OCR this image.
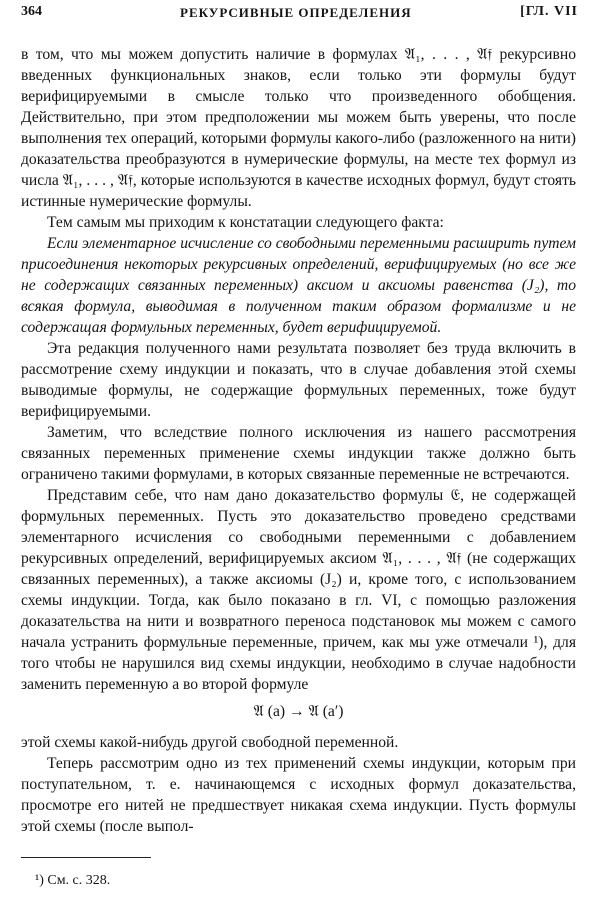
364	РЕКУРСИВНЫЕ ОПРЕДЕЛЕНИЯ	[ГЛ. VII

в том, что мы можем допустить наличие в формулах 𝔄₁, . . . , 𝔄𝔣 рекурсивно введенных функциональных знаков, если только эти формулы будут верифицируемыми в смысле только что произведенного обобщения. Действительно, при этом предположении мы можем быть уверены, что после выполнения тех операций, которыми формулы какого-либо (разложенного на нити) доказательства преобразуются в нумерические формулы, на месте тех формул из числа 𝔄₁, . . . , 𝔄𝔣, которые используются в качестве исходных формул, будут стоять истинные нумерические формулы.

Тем самым мы приходим к констатации следующего факта:

Если элементарное исчисление со свободными переменными расширить путем присоединения некоторых рекурсивных определений, верифицируемых (но все же не содержащих связанных переменных) аксиом и аксиомы равенства (J₂), то всякая формула, выводимая в полученном таким образом формализме и не содержащая формульных переменных, будет верифицируемой.

Эта редакция полученного нами результата позволяет без труда включить в рассмотрение схему индукции и показать, что в случае добавления этой схемы выводимые формулы, не содержащие формульных переменных, тоже будут верифицируемыми.

Заметим, что вследствие полного исключения из нашего рассмотрения связанных переменных применение схемы индукции также должно быть ограничено такими формулами, в которых связанные переменные не встречаются.

Представим себе, что нам дано доказательство формулы 𝔈, не содержащей формульных переменных. Пусть это доказательство проведено средствами элементарного исчисления со свободными переменными с добавлением рекурсивных определений, верифицируемых аксиом 𝔄₁, . . . , 𝔄𝔣 (не содержащих связанных переменных), а также аксиомы (J₂) и, кроме того, с использованием схемы индукции. Тогда, как было показано в гл. VI, с помощью разложения доказательства на нити и возвратного переноса подстановок мы можем с самого начала устранить формульные переменные, причем, как мы уже отмечали ¹), для того чтобы не нарушился вид схемы индукции, необходимо в случае надобности заменить переменную a во второй формуле

𝔄 (a) → 𝔄 (a′)

этой схемы какой-нибудь другой свободной переменной.

Теперь рассмотрим одно из тех применений схемы индукции, которым при поступательном, т. е. начинающемся с исходных формул доказательства, просмотре его нитей не предшествует никакая схема индукции. Пусть формулы этой схемы (после выпол-

¹) См. с. 328.
